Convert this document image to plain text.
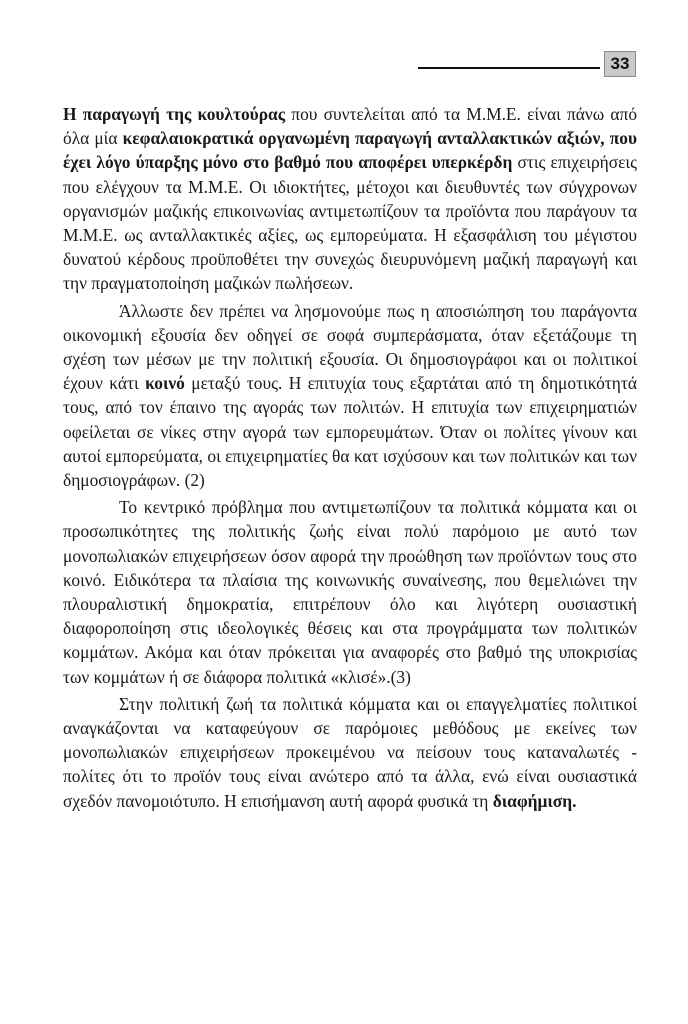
33

Η παραγωγή της κουλτούρας που συντελείται από τα Μ.Μ.Ε. είναι πάνω από όλα μία κεφαλαιοκρατικά οργανωμένη παραγωγή ανταλλακτικών αξιών, που έχει λόγο ύπαρξης μόνο στο βαθμό που αποφέρει υπερκέρδη στις επιχειρήσεις που ελέγχουν τα Μ.Μ.Ε. Οι ιδιοκτήτες, μέτοχοι και διευθυντές των σύγχρονων οργανισμών μαζικής επικοινωνίας αντιμετωπίζουν τα προϊόντα που παράγουν τα Μ.Μ.Ε. ως ανταλλακτικές αξίες, ως εμπορεύματα. Η εξασφάλιση του μέγιστου δυνατού κέρδους προϋποθέτει την συνεχώς διευρυνόμενη μαζική παραγωγή και την πραγματοποίηση μαζικών πωλήσεων.

Άλλωστε δεν πρέπει να λησμονούμε πως η αποσιώπηση του παράγοντα οικονομική εξουσία δεν οδηγεί σε σοφά συμπεράσματα, όταν εξετάζουμε τη σχέση των μέσων με την πολιτική εξουσία. Οι δημοσιογράφοι και οι πολιτικοί έχουν κάτι κοινό μεταξύ τους. Η επιτυχία τους εξαρτάται από τη δημοτικότητά τους, από τον έπαινο της αγοράς των πολιτών. Η επιτυχία των επιχειρηματιών οφείλεται σε νίκες στην αγορά των εμπορευμάτων. Όταν οι πολίτες γίνουν και αυτοί εμπορεύματα, οι επιχειρηματίες θα κατ ισχύσουν και των πολιτικών και των δημοσιογράφων. (2)

Το κεντρικό πρόβλημα που αντιμετωπίζουν τα πολιτικά κόμματα και οι προσωπικότητες της πολιτικής ζωής είναι πολύ παρόμοιο με αυτό των μονοπωλιακών επιχειρήσεων όσον αφορά την προώθηση των προϊόντων τους στο κοινό. Ειδικότερα τα πλαίσια της κοινωνικής συναίνεσης, που θεμελιώνει την πλουραλιστική δημοκρατία, επιτρέπουν όλο και λιγότερη ουσιαστική διαφοροποίηση στις ιδεολογικές θέσεις και στα προγράμματα των πολιτικών κομμάτων. Ακόμα και όταν πρόκειται για αναφορές στο βαθμό της υποκρισίας των κομμάτων ή σε διάφορα πολιτικά «κλισέ».(3)

Στην πολιτική ζωή τα πολιτικά κόμματα και οι επαγγελματίες πολιτικοί αναγκάζονται να καταφεύγουν σε παρόμοιες μεθόδους με εκείνες των μονοπωλιακών επιχειρήσεων προκειμένου να πείσουν τους καταναλωτές - πολίτες ότι το προϊόν τους είναι ανώτερο από τα άλλα, ενώ είναι ουσιαστικά σχεδόν πανομοιότυπο. Η επισήμανση αυτή αφορά φυσικά τη διαφήμιση.
